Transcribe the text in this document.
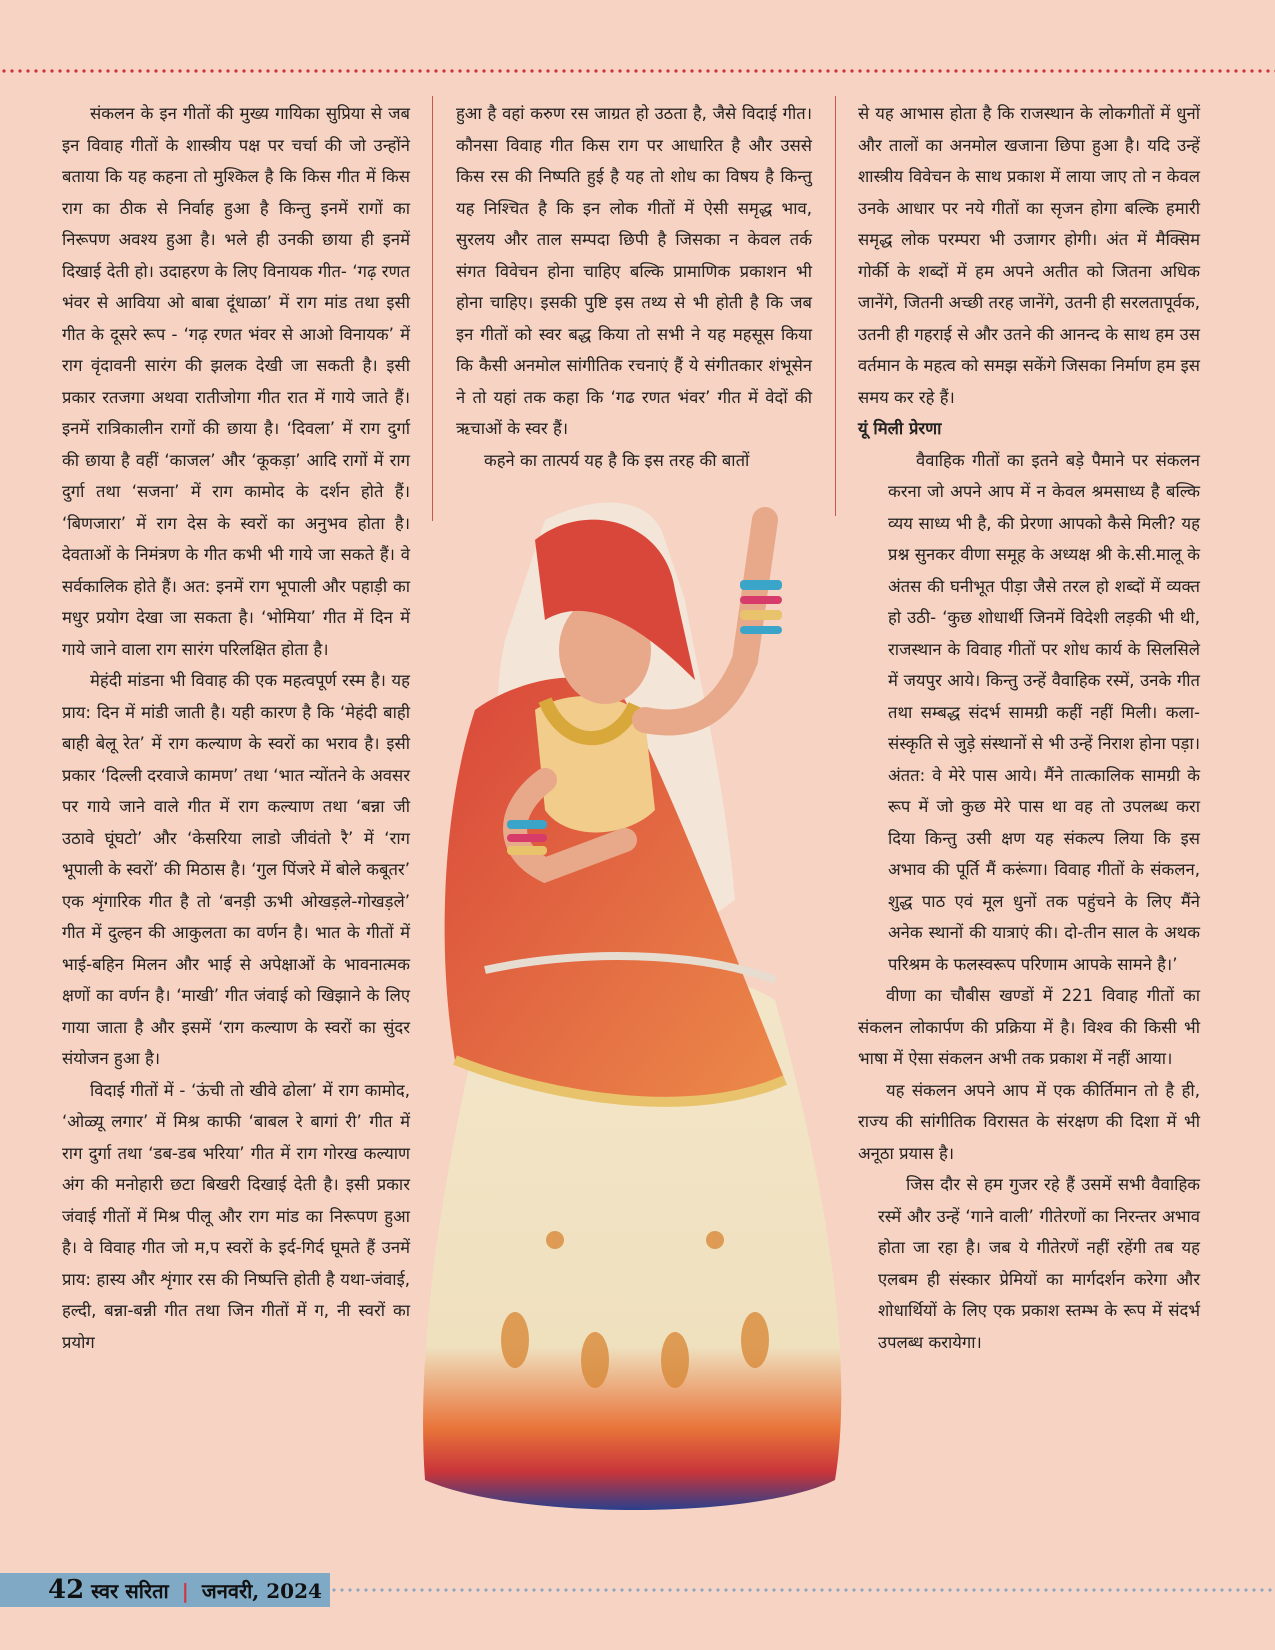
संकलन के इन गीतों की मुख्य गायिका सुप्रिया से जब इन विवाह गीतों के शास्त्रीय पक्ष पर चर्चा की जो उन्होंने बताया कि यह कहना तो मुश्किल है कि किस गीत में किस राग का ठीक से निर्वाह हुआ है किन्तु इनमें रागों का निरूपण अवश्य हुआ है। भले ही उनकी छाया ही इनमें दिखाई देती हो। उदाहरण के लिए विनायक गीत- ‘गढ़ रणत भंवर से आविया ओ बाबा दूंधाळा’ में राग मांड तथा इसी गीत के दूसरे रूप - ‘गढ़ रणत भंवर से आओ विनायक’ में राग वृंदावनी सारंग की झलक देखी जा सकती है। इसी प्रकार रतजगा अथवा रातीजोगा गीत रात में गाये जाते हैं। इनमें रात्रिकालीन रागों की छाया है। ‘दिवला’ में राग दुर्गा की छाया है वहीं ‘काजल’ और ‘कूकड़ा’ आदि रागों में राग दुर्गा तथा ‘सजना’ में राग कामोद के दर्शन होते हैं। ‘बिणजारा’ में राग देस के स्वरों का अनुभव होता है। देवताओं के निमंत्रण के गीत कभी भी गाये जा सकते हैं। वे सर्वकालिक होते हैं। अत: इनमें राग भूपाली और पहाड़ी का मधुर प्रयोग देखा जा सकता है। ‘भोमिया’ गीत में दिन में गाये जाने वाला राग सारंग परिलक्षित होता है।

मेहंदी मांडना भी विवाह की एक महत्वपूर्ण रस्म है। यह प्राय: दिन में मांडी जाती है। यही कारण है कि ‘मेहंदी बाही बाही बेलू रेत’ में राग कल्याण के स्वरों का भराव है। इसी प्रकार ‘दिल्ली दरवाजे कामण’ तथा ‘भात न्योंतने के अवसर पर गाये जाने वाले गीत में राग कल्याण तथा ‘बन्ना जी उठावे घूंघटो’ और ‘केसरिया लाडो जीवंतो रै’ में ‘राग भूपाली के स्वरों’ की मिठास है। ‘गुल पिंजरे में बोले कबूतर’ एक शृंगारिक गीत है तो ‘बनड़ी ऊभी ओखड़ले-गोखड़ले’ गीत में दुल्हन की आकुलता का वर्णन है। भात के गीतों में भाई-बहिन मिलन और भाई से अपेक्षाओं के भावनात्मक क्षणों का वर्णन है। ‘माखी’ गीत जंवाई को खिझाने के लिए गाया जाता है और इसमें ‘राग कल्याण के स्वरों का सुंदर संयोजन हुआ है।

विदाई गीतों में - ‘ऊंची तो खीवे ढोला’ में राग कामोद, ‘ओळ्यू लगार’ में मिश्र काफी ‘बाबल रे बागां री’ गीत में राग दुर्गा तथा ‘डब-डब भरिया’ गीत में राग गोरख कल्याण अंग की मनोहारी छटा बिखरी दिखाई देती है। इसी प्रकार जंवाई गीतों में मिश्र पीलू और राग मांड का निरूपण हुआ है। वे विवाह गीत जो म,प स्वरों के इर्द-गिर्द घूमते हैं उनमें प्राय: हास्य और शृंगार रस की निष्पत्ति होती है यथा-जंवाई, हल्दी, बन्ना-बन्नी गीत तथा जिन गीतों में ग, नी स्वरों का प्रयोग

हुआ है वहां करुण रस जाग्रत हो उठता है, जैसे विदाई गीत। कौनसा विवाह गीत किस राग पर आधारित है और उससे किस रस की निष्पति हुई है यह तो शोध का विषय है किन्तु यह निश्चित है कि इन लोक गीतों में ऐसी समृद्ध भाव, सुरलय और ताल सम्पदा छिपी है जिसका न केवल तर्क संगत विवेचन होना चाहिए बल्कि प्रामाणिक प्रकाशन भी होना चाहिए। इसकी पुष्टि इस तथ्य से भी होती है कि जब इन गीतों को स्वर बद्ध किया तो सभी ने यह महसूस किया कि कैसी अनमोल सांगीतिक रचनाएं हैं ये संगीतकार शंभूसेन ने तो यहां तक कहा कि ‘गढ रणत भंवर’ गीत में वेदों की ऋचाओं के स्वर हैं।

कहने का तात्पर्य यह है कि इस तरह की बातों

से यह आभास होता है कि राजस्थान के लोकगीतों में धुनों और तालों का अनमोल खजाना छिपा हुआ है। यदि उन्हें शास्त्रीय विवेचन के साथ प्रकाश में लाया जाए तो न केवल उनके आधार पर नये गीतों का सृजन होगा बल्कि हमारी समृद्ध लोक परम्परा भी उजागर होगी। अंत में मैक्सिम गोर्की के शब्दों में हम अपने अतीत को जितना अधिक जानेंगे, जितनी अच्छी तरह जानेंगे, उतनी ही सरलतापूर्वक, उतनी ही गहराई से और उतने की आनन्द के साथ हम उस वर्तमान के महत्व को समझ सकेंगे जिसका निर्माण हम इस समय कर रहे हैं।

यूं मिली प्रेरणा

वैवाहिक गीतों का इतने बड़े पैमाने पर संकलन करना जो अपने आप में न केवल श्रमसाध्य है बल्कि व्यय साध्य भी है, की प्रेरणा आपको कैसे मिली? यह प्रश्न सुनकर वीणा समूह के अध्यक्ष श्री के.सी.मालू के अंतस की घनीभूत पीड़ा जैसे तरल हो शब्दों में व्यक्त हो उठी- ‘कुछ शोधार्थी जिनमें विदेशी लड़की भी थी, राजस्थान के विवाह गीतों पर शोध कार्य के सिलसिले में जयपुर आये। किन्तु उन्हें वैवाहिक रस्में, उनके गीत तथा सम्बद्ध संदर्भ सामग्री कहीं नहीं मिली। कला-संस्कृति से जुड़े संस्थानों से भी उन्हें निराश होना पड़ा। अंतत: वे मेरे पास आये। मैंने तात्कालिक सामग्री के रूप में जो कुछ मेरे पास था वह तो उपलब्ध करा दिया किन्तु उसी क्षण यह संकल्प लिया कि इस अभाव की पूर्ति मैं करूंगा। विवाह गीतों के संकलन, शुद्ध पाठ एवं मूल धुनों तक पहुंचने के लिए मैंने अनेक स्थानों की यात्राएं की। दो-तीन साल के अथक परिश्रम के फलस्वरूप परिणाम आपके सामने है।’

वीणा का चौबीस खण्डों में 221 विवाह गीतों का संकलन लोकार्पण की प्रक्रिया में है। विश्व की किसी भी भाषा में ऐसा संकलन अभी तक प्रकाश में नहीं आया।

यह संकलन अपने आप में एक कीर्तिमान तो है ही, राज्य की सांगीतिक विरासत के संरक्षण की दिशा में भी अनूठा प्रयास है।

जिस दौर से हम गुजर रहे हैं उसमें सभी वैवाहिक रस्में और उन्हें ‘गाने वाली’ गीतेरणों का निरन्तर अभाव होता जा रहा है। जब ये गीतेरणें नहीं रहेंगी तब यह एलबम ही संस्कार प्रेमियों का मार्गदर्शन करेगा और शोधार्थियों के लिए एक प्रकाश स्तम्भ के रूप में संदर्भ उपलब्ध करायेगा।

42 स्वर सरिता | जनवरी, 2024
